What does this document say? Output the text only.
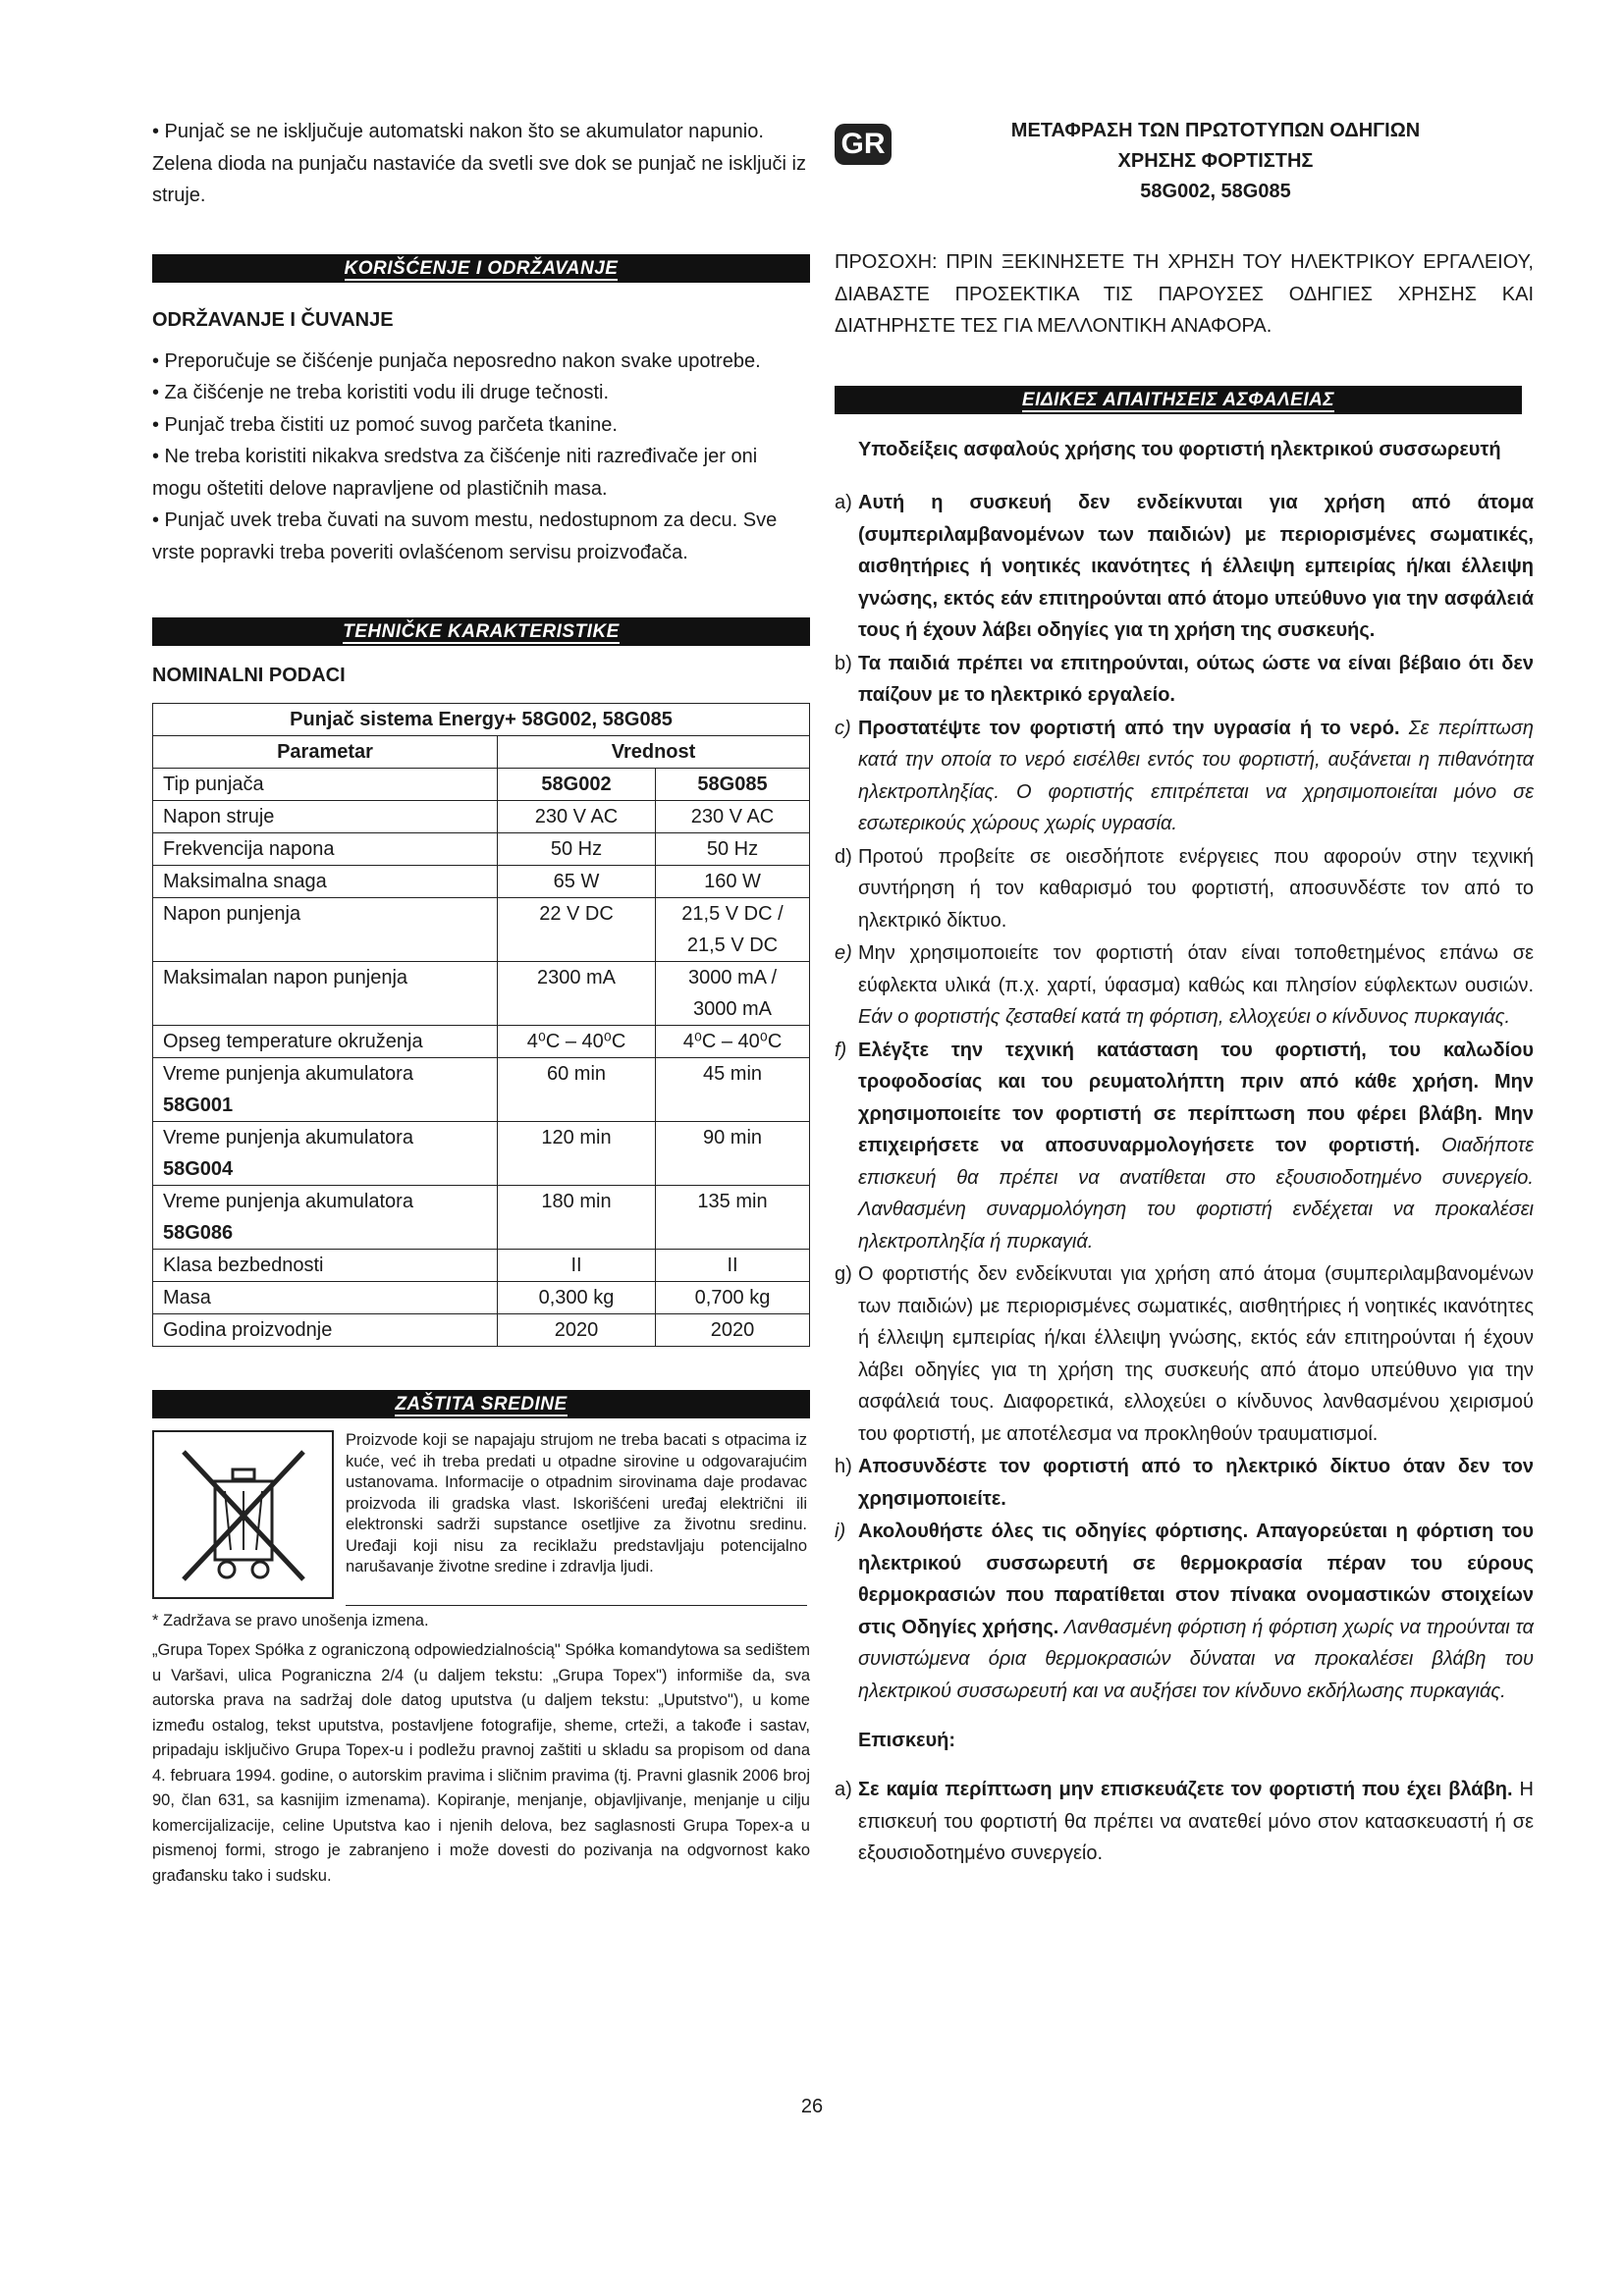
• Punjač se ne isključuje automatski nakon što se akumulator napunio. Zelena dioda na punjaču nastaviće da svetli sve dok se punjač ne isključi iz struje.

KORIŠĆENJE I ODRŽAVANJE

ODRŽAVANJE I ČUVANJE

• Preporučuje se čišćenje punjača neposredno nakon svake upotrebe.

• Za čišćenje ne treba koristiti vodu ili druge tečnosti.

• Punjač treba čistiti uz pomoć suvog parčeta tkanine.

• Ne treba koristiti nikakva sredstva za čišćenje niti razređivače jer oni mogu oštetiti delove napravljene od plastičnih masa.

• Punjač uvek treba čuvati na suvom mestu, nedostupnom za decu. Sve vrste popravki treba poveriti ovlašćenom servisu proizvođača.

TEHNIČKE KARAKTERISTIKE

NOMINALNI PODACI

Punjač sistema Energy+ 58G002, 58G085		
Parametar	Vrednost	
Tip punjača	58G002	58G085
Napon struje	230 V AC	230 V AC
Frekvencija napona	50 Hz	50 Hz
Maksimalna snaga	65 W	160 W
Napon punjenja	22 V DC	21,5 V DC / 21,5 V DC
Maksimalan napon punjenja	2300 mA	3000 mA / 3000 mA
Opseg temperature okruženja	4⁰C – 40⁰C	4⁰C – 40⁰C
Vreme punjenja akumulatora
58G001	60 min	45 min
Vreme punjenja akumulatora
58G004	120 min	90 min
Vreme punjenja akumulatora
58G086	180 min	135 min
Klasa bezbednosti	II	II
Masa	0,300 kg	0,700 kg
Godina proizvodnje	2020	2020
ZAŠTITA SREDINE

Proizvode koji se napajaju strujom ne treba bacati s otpacima iz kuće, već ih treba predati u otpadne sirovine u odgovarajućim ustanovama. Informacije o otpadnim sirovinama daje prodavac proizvoda ili gradska vlast. Iskorišćeni uređaj električni ili elektronski sadrži supstance osetljive za životnu sredinu. Uređaji koji nisu za reciklažu predstavljaju potencijalno narušavanje životne sredine i zdravlja ljudi.

* Zadržava se pravo unošenja izmena.

„Grupa Topex Spółka z ograniczoną odpowiedzialnością" Spółka komandytowa sa sedištem u Varšavi, ulica Pograniczna 2/4 (u daljem tekstu: „Grupa Topex") informiše da, sva autorska prava na sadržaj dole datog uputstva (u daljem tekstu: „Uputstvo"), u kome između ostalog, tekst uputstva, postavljene fotografije, sheme, crteži, a takođe i sastav, pripadaju isključivo Grupa Topex-u i podležu pravnoj zaštiti u skladu sa propisom od dana 4. februara 1994. godine, o autorskim pravima i sličnim pravima (tj. Pravni glasnik 2006 broj 90, član 631, sa kasnijim izmenama). Kopiranje, menjanje, objavljivanje, menjanje u cilju komercijalizacije, celine Uputstva kao i njenih delova, bez saglasnosti Grupa Topex-a u pismenoj formi, strogo je zabranjeno i može dovesti do pozivanja na odgvornost kako građansku tako i sudsku.

GR	ΜΕΤΑΦΡΑΣΗ ΤΩΝ ΠΡΩΤΟΤΥΠΩΝ ΟΔΗΓΙΩΝ
ΧΡΗΣΗΣ ΦΟΡΤΙΣΤΗΣ
58G002, 58G085

ΠΡΟΣΟΧΗ: ΠΡΙΝ ΞΕΚΙΝΗΣΕΤΕ ΤΗ ΧΡΗΣΗ ΤΟΥ ΗΛΕΚΤΡΙΚΟΥ ΕΡΓΑΛΕΙΟΥ, ΔΙΑΒΑΣΤΕ ΠΡΟΣΕΚΤΙΚΑ ΤΙΣ ΠΑΡΟΥΣΕΣ ΟΔΗΓΙΕΣ ΧΡΗΣΗΣ ΚΑΙ ΔΙΑΤΗΡΗΣΤΕ ΤΕΣ ΓΙΑ ΜΕΛΛΟΝΤΙΚΗ ΑΝΑΦΟΡΑ.

ΕΙΔΙΚΕΣ ΑΠΑΙΤΗΣΕΙΣ ΑΣΦΑΛΕΙΑΣ

Υποδείξεις ασφαλούς χρήσης του φορτιστή ηλεκτρικού συσσωρευτή

a) Αυτή η συσκευή δεν ενδείκνυται για χρήση από άτομα (συμπεριλαμβανομένων των παιδιών) με περιορισμένες σωματικές, αισθητήριες ή νοητικές ικανότητες ή έλλειψη εμπειρίας ή/και έλλειψη γνώσης, εκτός εάν επιτηρούνται από άτομο υπεύθυνο για την ασφάλειά τους ή έχουν λάβει οδηγίες για τη χρήση της συσκευής.
b) Τα παιδιά πρέπει να επιτηρούνται, ούτως ώστε να είναι βέβαιο ότι δεν παίζουν με το ηλεκτρικό εργαλείο.
c) Προστατέψτε τον φορτιστή από την υγρασία ή το νερό. Σε περίπτωση κατά την οποία το νερό εισέλθει εντός του φορτιστή, αυξάνεται η πιθανότητα ηλεκτροπληξίας. Ο φορτιστής επιτρέπεται να χρησιμοποιείται μόνο σε εσωτερικούς χώρους χωρίς υγρασία.
d) Προτού προβείτε σε οιεσδήποτε ενέργειες που αφορούν στην τεχνική συντήρηση ή τον καθαρισμό του φορτιστή, αποσυνδέστε τον από το ηλεκτρικό δίκτυο.
e) Μην χρησιμοποιείτε τον φορτιστή όταν είναι τοποθετημένος επάνω σε εύφλεκτα υλικά (π.χ. χαρτί, ύφασμα) καθώς και πλησίον εύφλεκτων ουσιών. Εάν ο φορτιστής ζεσταθεί κατά τη φόρτιση, ελλοχεύει ο κίνδυνος πυρκαγιάς.
f) Ελέγξτε την τεχνική κατάσταση του φορτιστή, του καλωδίου τροφοδοσίας και του ρευματολήπτη πριν από κάθε χρήση. Μην χρησιμοποιείτε τον φορτιστή σε περίπτωση που φέρει βλάβη. Μην επιχειρήσετε να αποσυναρμολογήσετε τον φορτιστή. Οιαδήποτε επισκευή θα πρέπει να ανατίθεται στο εξουσιοδοτημένο συνεργείο. Λανθασμένη συναρμολόγηση του φορτιστή ενδέχεται να προκαλέσει ηλεκτροπληξία ή πυρκαγιά.
g) Ο φορτιστής δεν ενδείκνυται για χρήση από άτομα (συμπεριλαμβανομένων των παιδιών) με περιορισμένες σωματικές, αισθητήριες ή νοητικές ικανότητες ή έλλειψη εμπειρίας ή/και έλλειψη γνώσης, εκτός εάν επιτηρούνται ή έχουν λάβει οδηγίες για τη χρήση της συσκευής από άτομο υπεύθυνο για την ασφάλειά τους. Διαφορετικά, ελλοχεύει ο κίνδυνος λανθασμένου χειρισμού του φορτιστή, με αποτέλεσμα να προκληθούν τραυματισμοί.
h) Αποσυνδέστε τον φορτιστή από το ηλεκτρικό δίκτυο όταν δεν τον χρησιμοποιείτε.
i) Ακολουθήστε όλες τις οδηγίες φόρτισης. Απαγορεύεται η φόρτιση του ηλεκτρικού συσσωρευτή σε θερμοκρασία πέραν του εύρους θερμοκρασιών που παρατίθεται στον πίνακα ονομαστικών στοιχείων στις Οδηγίες χρήσης. Λανθασμένη φόρτιση ή φόρτιση χωρίς να τηρούνται τα συνιστώμενα όρια θερμοκρασιών δύναται να προκαλέσει βλάβη του ηλεκτρικού συσσωρευτή και να αυξήσει τον κίνδυνο εκδήλωσης πυρκαγιάς.

Επισκευή:

a) Σε καμία περίπτωση μην επισκευάζετε τον φορτιστή που έχει βλάβη. Η επισκευή του φορτιστή θα πρέπει να ανατεθεί μόνο στον κατασκευαστή ή σε εξουσιοδοτημένο συνεργείο.
26
